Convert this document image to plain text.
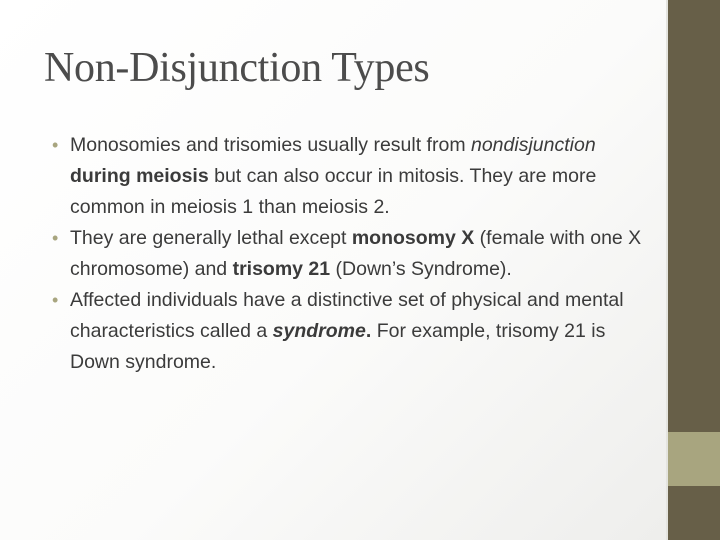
Non-Disjunction Types
• Monosomies and trisomies usually result from nondisjunction during meiosis but can also occur in mitosis. They are more common in meiosis 1 than meiosis 2.
• They are generally lethal except monosomy X (female with one X chromosome) and trisomy 21 (Down’s Syndrome).
• Affected individuals have a distinctive set of physical and mental characteristics called a syndrome. For example, trisomy 21 is Down syndrome.
